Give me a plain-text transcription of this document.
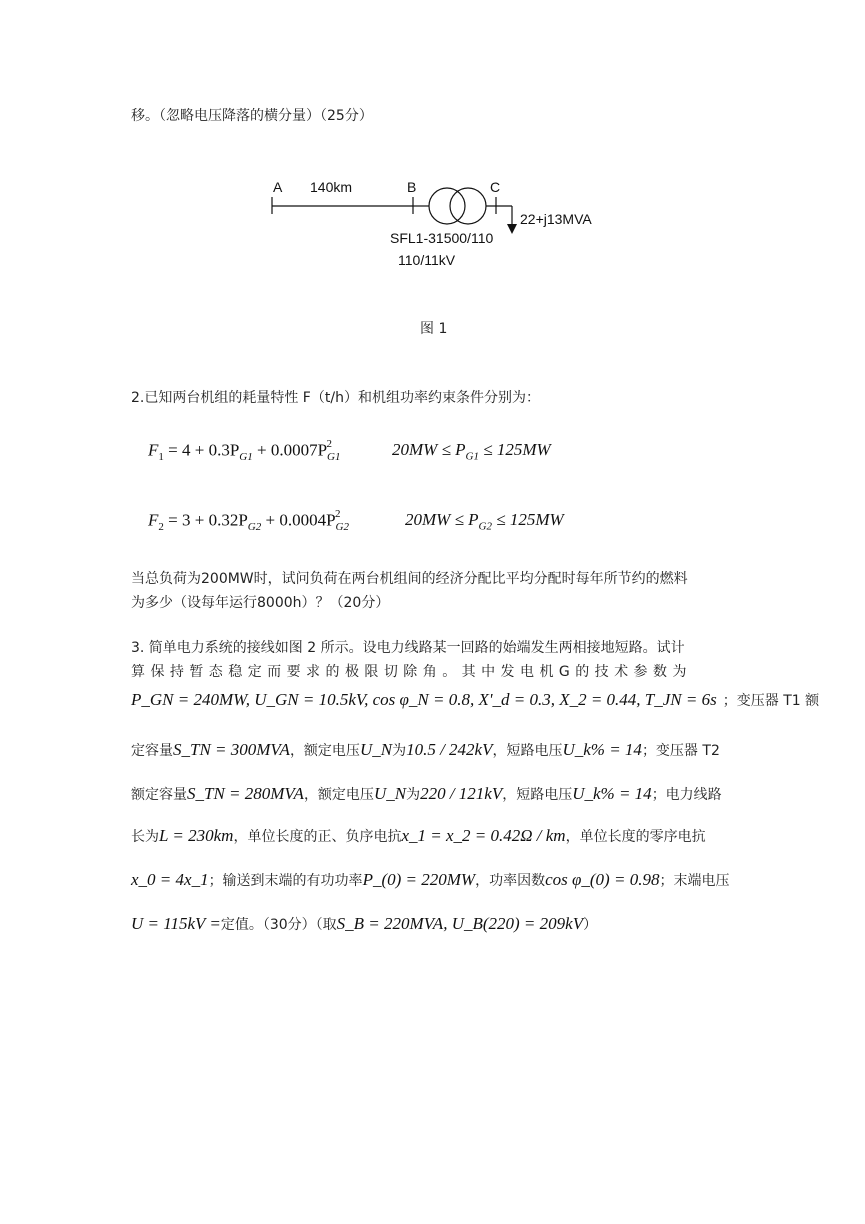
移。（忽略电压降落的横分量）（25分）
A 140km	B	C
22+j13MVA
SFL1-31500/110
110/11kV
图 1
2.已知两台机组的耗量特性 F（t/h）和机组功率约束条件分别为：
$F_1 = 4 + 0.3P_{G1} + 0.0007P_{G1}^2$	$20MW \le P_{G1} \le 125MW$
$F_2 = 3 + 0.32P_{G2} + 0.0004P_{G2}^2$	$20MW \le P_{G2} \le 125MW$
当总负荷为200MW时，试问负荷在两台机组间的经济分配比平均分配时每年所节约的燃料
为多少（设每年运行8000h）？（20分）
3. 简单电力系统的接线如图 2 所示。设电力线路某一回路的始端发生两相接地短路。试计
算 保 持 暂 态 稳 定 而 要 求 的 极 限 切 除 角 。 其 中 发 电 机 G 的 技 术 参 数 为
P_GN = 240MW, U_GN = 10.5kV, cos φ_N = 0.8, X'_d = 0.3, X_2 = 0.44, T_JN = 6s ；变压器 T1 额
定容量 S_TN = 300MVA ，额定电压 U_N 为 10.5 / 242kV ，短路电压 U_k% = 14 ；变压器 T2
额定容量 S_TN = 280MVA ，额定电压 U_N 为 220 / 121kV ，短路电压 U_k% = 14 ；电力线路
长为 L = 230km ，单位长度的正、负序电抗 x_1 = x_2 = 0.42Ω / km ，单位长度的零序电抗
x_0 = 4x_1 ；输送到末端的有功功率 P_(0) = 220MW ，功率因数 cos φ_(0) = 0.98 ；末端电压
U = 115kV = 定值。（30分）（取 S_B = 220MVA, U_B(220) = 209kV ）
